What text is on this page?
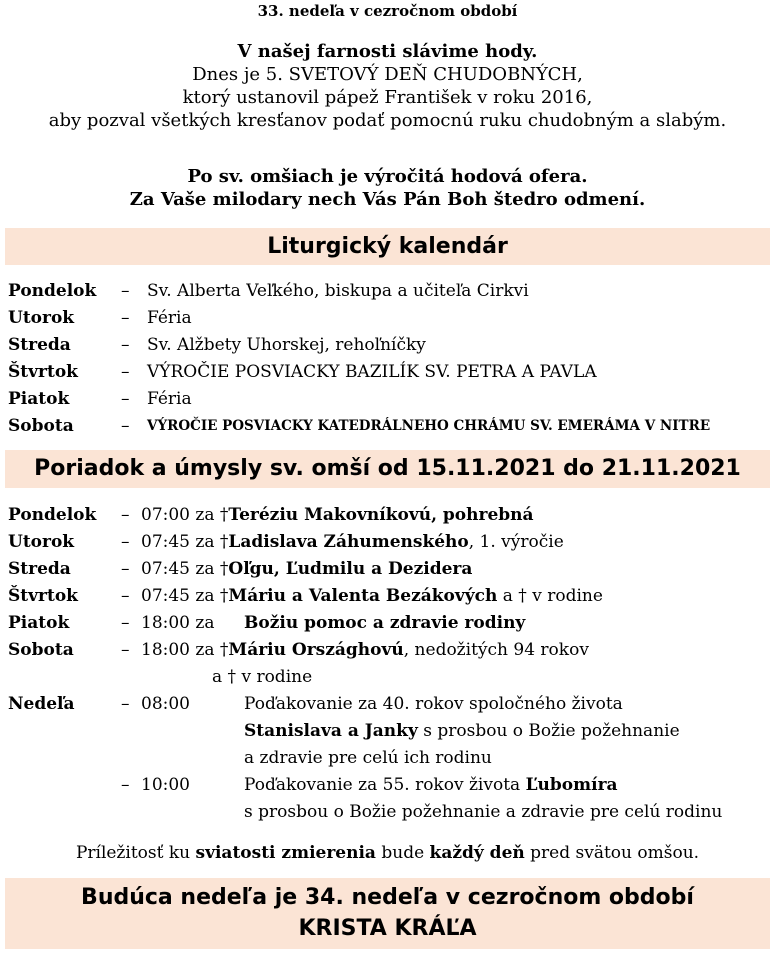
33. nedeľa v cezročnom období
V našej farnosti slávime hody.
Dnes je 5. SVETOVÝ DEŇ CHUDOBNÝCH,
ktorý ustanovil pápež František v roku 2016,
aby pozval všetkých kresťanov podať pomocnú ruku chudobným a slabým.
Po sv. omšiach je výročitá hodová ofera.
Za Vaše milodary nech Vás Pán Boh štedro odmení.
Liturgický kalendár
Pondelok – Sv. Alberta Veľkého, biskupa a učiteľa Cirkvi
Utorok	– Féria
Streda	– Sv. Alžbety Uhorskej, rehoľníčky
Štvrtok	– VÝROČIE POSVIACKY BAZILÍK SV. PETRA A PAVLA
Piatok	– Féria
Sobota	– VÝROČIE POSVIACKY KATEDRÁLNEHO CHRÁMU SV. EMERÁMA V NITRE
Poriadok a úmysly sv. omší od 15.11.2021 do 21.11.2021
Pondelok – 07:00 za †Teréziu Makovníkovú, pohrebná
Utorok	– 07:45 za †Ladislava Záhumenského, 1. výročie
Streda	– 07:45 za †Oľgu, Ľudmilu a Dezidera
Štvrtok	– 07:45 za †Máriu a Valenta Bezákových a † v rodine
Piatok	– 18:00 za Božiu pomoc a zdravie rodiny
Sobota	– 18:00 za †Máriu Országhovú, nedožitých 94 rokov
a † v rodine
Nedeľa	– 08:00	Poďakovanie za 40. rokov spoločného života
Stanislava a Janky s prosbou o Božie požehnanie
a zdravie pre celú ich rodinu
– 10:00	Poďakovanie za 55. rokov života Ľubomíra
s prosbou o Božie požehnanie a zdravie pre celú rodinu
Príležitosť ku sviatosti zmierenia bude každý deň pred svätou omšou.
Budúca nedeľa je 34. nedeľa v cezročnom období
KRISTA KRÁĽA
